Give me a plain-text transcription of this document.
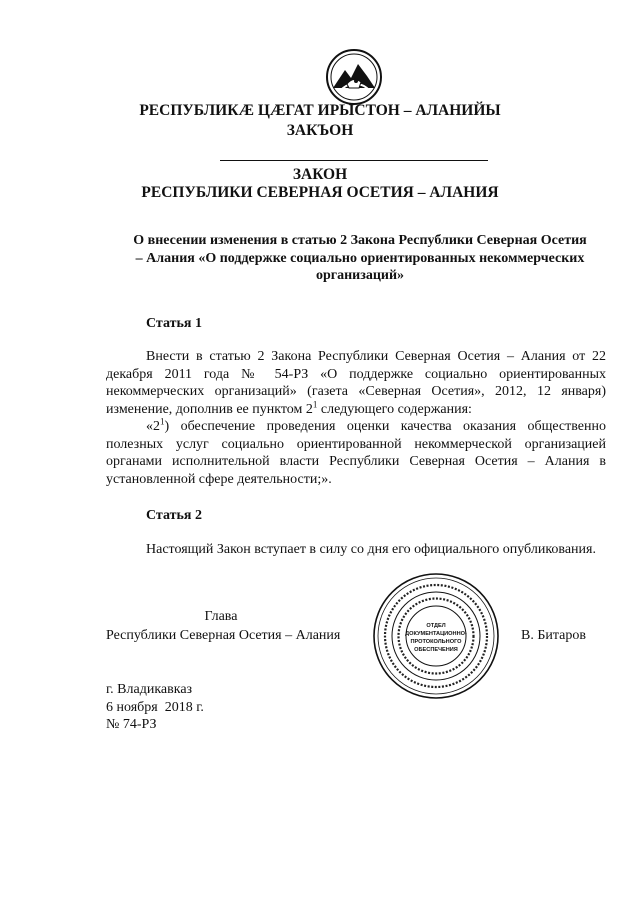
РЕСПУБЛИКÆ ЦÆГАТ ИРЫСТОН – АЛАНИЙЫ
ЗАКЪОН
ЗАКОН
РЕСПУБЛИКИ СЕВЕРНАЯ ОСЕТИЯ – АЛАНИЯ
О внесении изменения в статью 2 Закона Республики Северная Осетия – Алания «О поддержке социально ориентированных некоммерческих организаций»
Статья 1

Внести в статью 2 Закона Республики Северная Осетия – Алания от 22 декабря 2011 года № 54-РЗ «О поддержке социально ориентированных некоммерческих организаций» (газета «Северная Осетия», 2012, 12 января) изменение, дополнив ее пунктом $2^1$ следующего содержания:

«$2^1$) обеспечение проведения оценки качества оказания общественно полезных услуг социально ориентированной некоммерческой организацией органами исполнительной власти Республики Северная Осетия – Алания в установленной сфере деятельности;».

Статья 2

Настоящий Закон вступает в силу со дня его официального опубликования.

Глава
Республики Северная Осетия – Алания	В. Битаров
ОТДЕЛ
ДОКУМЕНТАЦИОННО-
ПРОТОКОЛЬНОГО
ОБЕСПЕЧЕНИЯ
г. Владикавказ
6 ноября  2018 г.
№ 74-РЗ
